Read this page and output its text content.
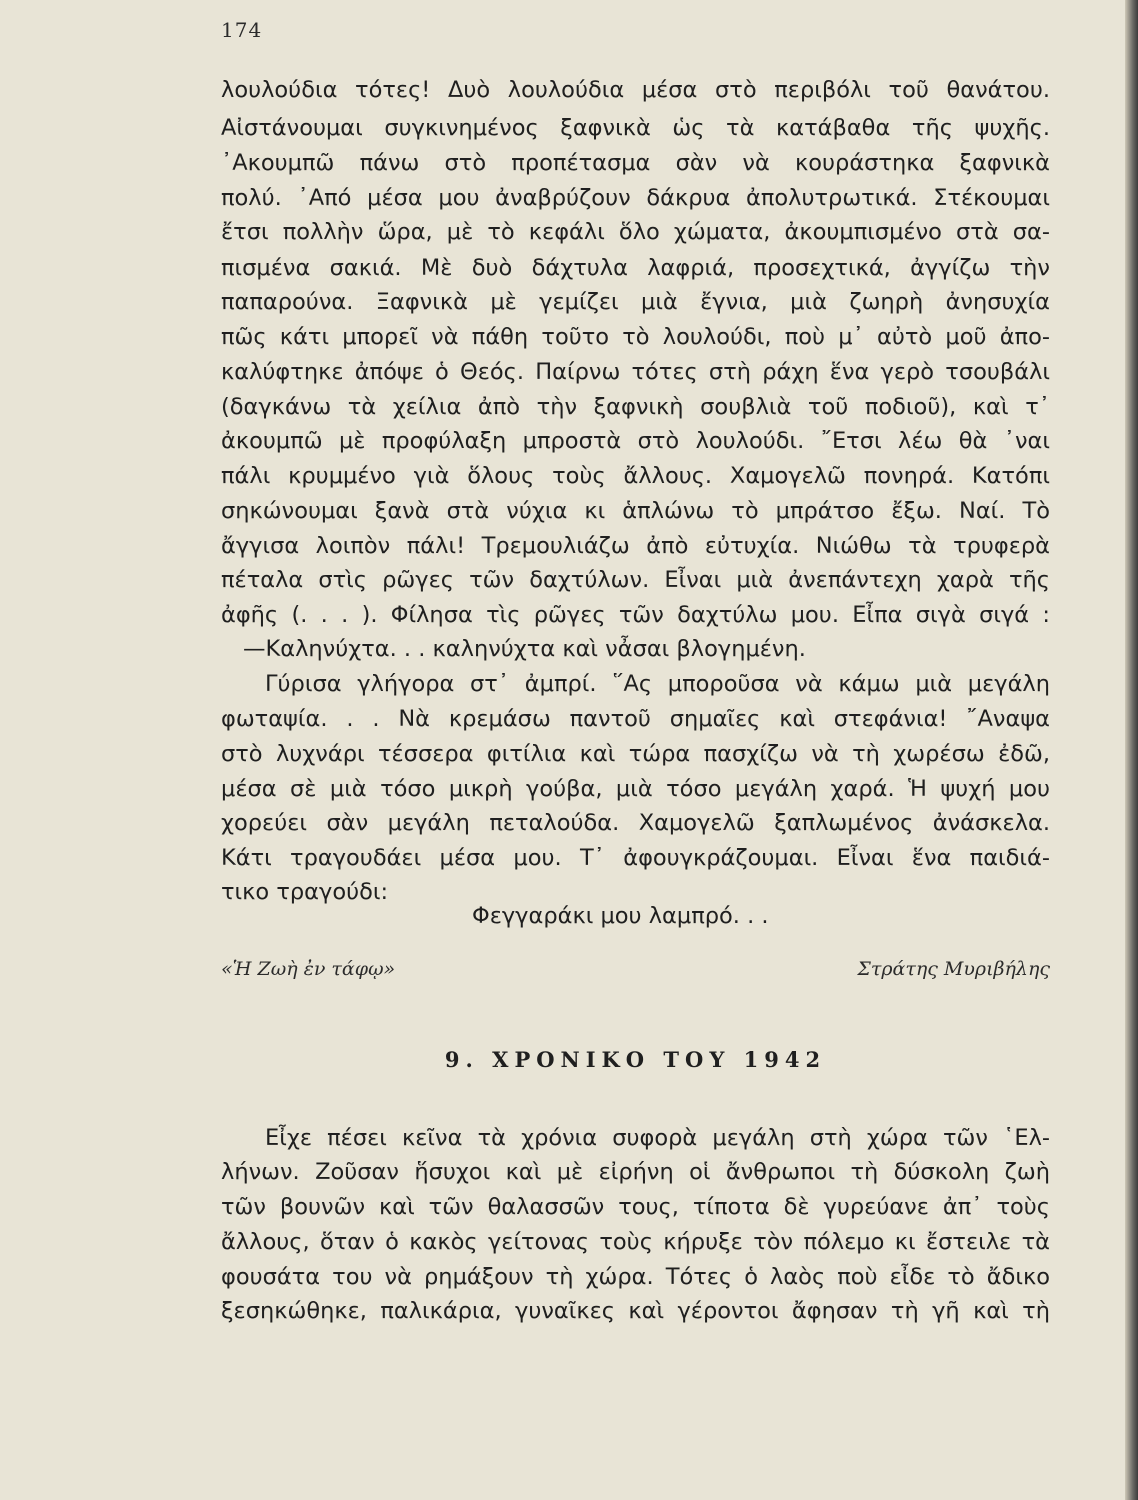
174
λουλούδια τότες! Δυὸ λουλούδια μέσα στὸ περιβόλι τοῦ θανάτου.
Αἰστάνουμαι συγκινημένος ξαφνικὰ ὡς τὰ κατάβαθα τῆς ψυχῆς.
᾿Ακουμπῶ πάνω στὸ προπέτασμα σὰν νὰ κουράστηκα ξαφνικὰ
πολύ. ᾿Από μέσα μου ἀναβρύζουν δάκρυα ἀπολυτρωτικά. Στέκουμαι
ἔτσι πολλὴν ὥρα, μὲ τὸ κεφάλι ὅλο χώματα, ἀκουμπισμένο στὰ σα-
πισμένα σακιά. Μὲ δυὸ δάχτυλα λαφριά, προσεχτικά, ἀγγίζω τὴν
παπαρούνα. Ξαφνικὰ μὲ γεμίζει μιὰ ἔγνια, μιὰ ζωηρὴ ἀνησυχία
πῶς κάτι μπορεῖ νὰ πάθη τοῦτο τὸ λουλούδι, ποὺ μ᾿ αὐτὸ μοῦ ἀπο-
καλύφτηκε ἀπόψε ὁ Θεός. Παίρνω τότες στὴ ράχη ἕνα γερὸ τσουβάλι
(δαγκάνω τὰ χείλια ἀπὸ τὴν ξαφνικὴ σουβλιὰ τοῦ ποδιοῦ), καὶ τ᾿
ἀκουμπῶ μὲ προφύλαξη μπροστὰ στὸ λουλούδι. ῎Ετσι λέω θὰ ᾿ναι
πάλι κρυμμένο γιὰ ὅλους τοὺς ἄλλους. Χαμογελῶ πονηρά. Κατόπι
σηκώνουμαι ξανὰ στὰ νύχια κι ἁπλώνω τὸ μπράτσο ἔξω. Ναί. Τὸ
ἄγγισα λοιπὸν πάλι! Τρεμουλιάζω ἀπὸ εὐτυχία. Νιώθω τὰ τρυφερὰ
πέταλα στὶς ρῶγες τῶν δαχτύλων. Εἶναι μιὰ ἀνεπάντεχη χαρὰ τῆς
ἀφῆς (. . . ). Φίλησα τὶς ρῶγες τῶν δαχτύλω μου. Εἶπα σιγὰ σιγά :
—Καληνύχτα. . . καληνύχτα καὶ νἆσαι βλογημένη.
Γύρισα γλήγορα στ᾿ ἀμπρί. ῞Ας μποροῦσα νὰ κάμω μιὰ μεγάλη
φωταψία. . . Νὰ κρεμάσω παντοῦ σημαῖες καὶ στεφάνια! ῎Αναψα
στὸ λυχνάρι τέσσερα φιτίλια καὶ τώρα πασχίζω νὰ τὴ χωρέσω ἐδῶ,
μέσα σὲ μιὰ τόσο μικρὴ γούβα, μιὰ τόσο μεγάλη χαρά. Ἡ ψυχή μου
χορεύει σὰν μεγάλη πεταλούδα. Χαμογελῶ ξαπλωμένος ἀνάσκελα.
Κάτι τραγουδάει μέσα μου. Τ᾿ ἀφουγκράζουμαι. Εἶναι ἕνα παιδιά-
τικο τραγούδι:
Φεγγαράκι μου λαμπρό. . .
«Ἡ Ζωὴ ἐν τάφῳ»	Στράτης Μυριβήλης
9. ΧΡΟΝΙΚΟ ΤΟΥ 1942
Εἶχε πέσει κεῖνα τὰ χρόνια συφορὰ μεγάλη στὴ χώρα τῶν ῾Ελ-
λήνων. Ζοῦσαν ἥσυχοι καὶ μὲ εἰρήνη οἱ ἄνθρωποι τὴ δύσκολη ζωὴ
τῶν βουνῶν καὶ τῶν θαλασσῶν τους, τίποτα δὲ γυρεύανε ἀπ᾿ τοὺς
ἄλλους, ὅταν ὁ κακὸς γείτονας τοὺς κήρυξε τὸν πόλεμο κι ἔστειλε τὰ
φουσάτα του νὰ ρημάξουν τὴ χώρα. Τότες ὁ λαὸς ποὺ εἶδε τὸ ἄδικο
ξεσηκώθηκε, παλικάρια, γυναῖκες καὶ γέροντοι ἄφησαν τὴ γῆ καὶ τὴ
